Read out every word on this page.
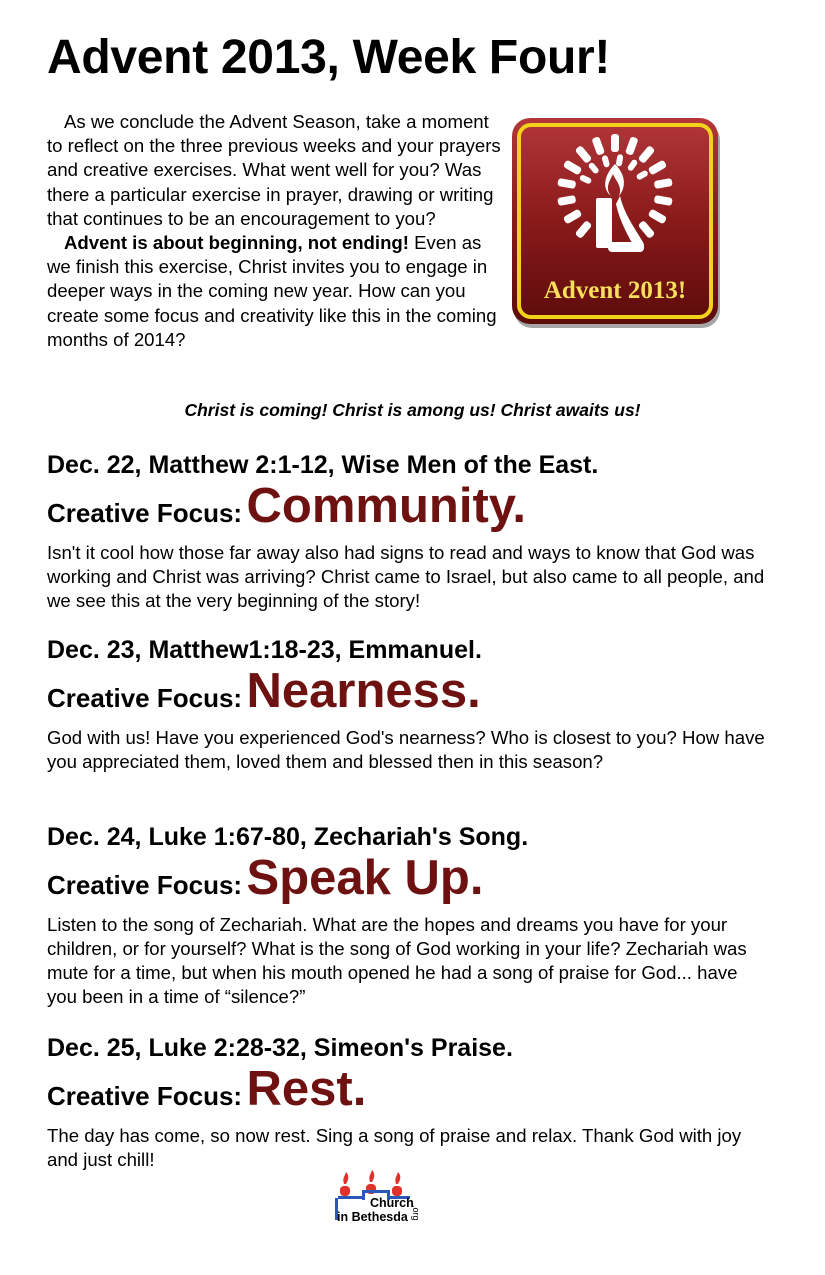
Advent 2013, Week Four!

As we conclude the Advent Season, take a moment to reflect on the three previous weeks and your prayers and creative exercises. What went well for you? Was there a particular exercise in prayer, drawing or writing that continues to be an encouragement to you?

Advent is about beginning, not ending! Even as we finish this exercise, Christ invites you to engage in deeper ways in the coming new year. How can you create some focus and creativity like this in the coming months of 2014?

Advent 2013!
Christ is coming! Christ is among us! Christ awaits us!
Dec. 22, Matthew 2:1-12, Wise Men of the East.
Creative Focus: Community.

Isn't it cool how those far away also had signs to read and ways to know that God was working and Christ was arriving? Christ came to Israel, but also came to all people, and we see this at the very beginning of the story!

Dec. 23, Matthew1:18-23, Emmanuel.
Creative Focus: Nearness.

God with us! Have you experienced God's nearness? Who is closest to you? How have you appreciated them, loved them and blessed then in this season?

Dec. 24, Luke 1:67-80, Zechariah's Song.
Creative Focus: Speak Up.

Listen to the song of Zechariah. What are the hopes and dreams you have for your children, or for yourself? What is the song of God working in your life? Zechariah was mute for a time, but when his mouth opened he had a song of praise for God... have you been in a time of “silence?”

Dec. 25, Luke 2:28-32, Simeon's Praise.
Creative Focus: Rest.

The day has come, so now rest. Sing a song of praise and relax. Thank God with joy and just chill!

Church
in Bethesda .org
